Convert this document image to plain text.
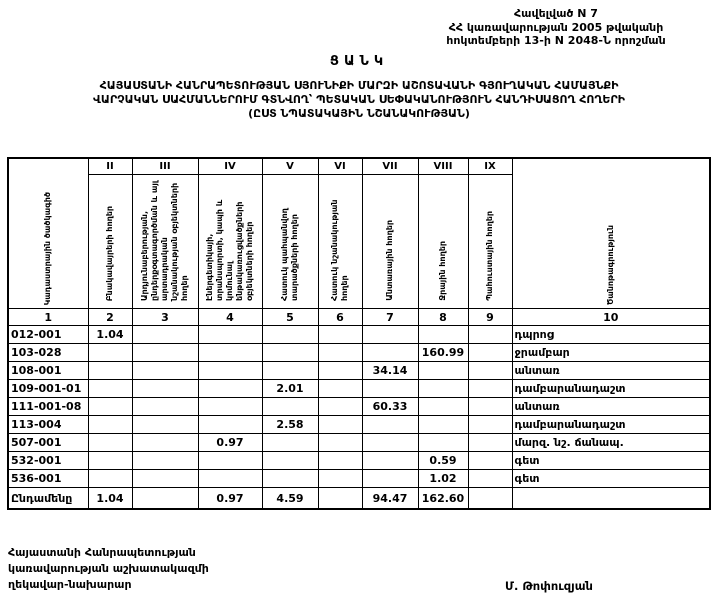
Հավելված N 7
ՀՀ կառավարության 2005 թվականի
հոկտեմբերի 13-ի N 2048-Ն որոշման
ՑԱՆԿ
ՀԱՅԱՍՏԱՆԻ ՀԱՆՐԱՊԵՏՈՒԹՅԱՆ ՍՅՈՒՆԻՔԻ ՄԱՐԶԻ ԱՇՈՏԱՎԱՆԻ ԳՅՈՒՂԱԿԱՆ ՀԱՄԱՅՆՔԻ
ՎԱՐՉԱԿԱՆ ՍԱՀՄԱՆՆԵՐՈՒՄ ԳՏՆՎՈՂ՝ ՊԵՏԱԿԱՆ ՍԵՓԱԿԱՆՈՒԹՅՈՒՆ ՀԱՆԴԻՍԱՑՈՂ ՀՈՂԵՐԻ
(ԸՍՏ ՆՊԱՏԱԿԱՅԻՆ ՆՇԱՆԱԿՈՒԹՅԱՆ)
Կադաստրային ծածկագիծ	II	III	IV	V	VI	VII	VIII	IX	Ծանոթագրություն
	Բնակավայրերի հողեր	Արդյունաբերության, ընդերքօգտագործման և այլ արտադրական նշանակության օբյեկտների հողեր	Էներգետիկայի, տրանսպորտի, կապի և կոմունալ ենթակառուցվածքների օբյեկտների հողեր	Հատուկ պահպանվող տարածքների հողեր	Հատուկ նշանակության հողեր	Անտառային հողեր	Ջրային հողեր	Պահուստային հողեր	
1	2	3	4	5	6	7	8	9	10
012-001	1.04								դպրոց
103-028							160.99		ջրամբար
108-001						34.14			անտառ
109-001-01				2.01					դամբարանադաշտ
111-001-08						60.33			անտառ
113-004				2.58					դամբարանադաշտ
507-001			0.97						մարզ. նշ. ճանապ.
532-001							0.59		գետ
536-001							1.02		գետ
Ընդամենը	1.04		0.97	4.59		94.47	162.60		
Հայաստանի Հանրապետության
կառավարության աշխատակազմի
ղեկավար-նախարար	Մ. Թոփուզյան
